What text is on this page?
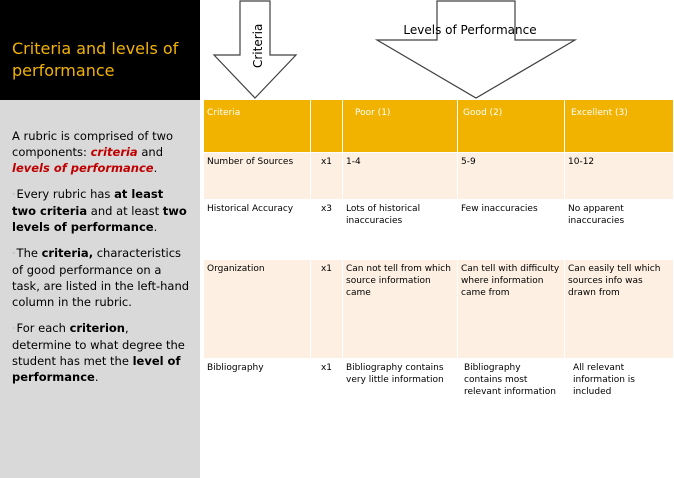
Criteria and levels of performance

A rubric is comprised of two components: criteria and levels of performance.

◦Every rubric has at least two criteria and at least two levels of performance.

◦The criteria, characteristics of good performance on a task, are listed in the left-hand column in the rubric.

◦For each criterion, determine to what degree the student has met the level of performance.

Criteria	Levels of Performance
Criteria		Poor (1)	Good (2)	Excellent (3)
Number of Sources	x1	1-4	5-9	10-12
Historical Accuracy	x3	Lots of historical inaccuracies	Few inaccuracies	No apparent inaccuracies
Organization	x1	Can not tell from which source information came	Can tell with difficulty where information came from	Can easily tell which sources info was drawn from
Bibliography	x1	Bibliography contains very little information	Bibliography contains most relevant information	All relevant information is included
